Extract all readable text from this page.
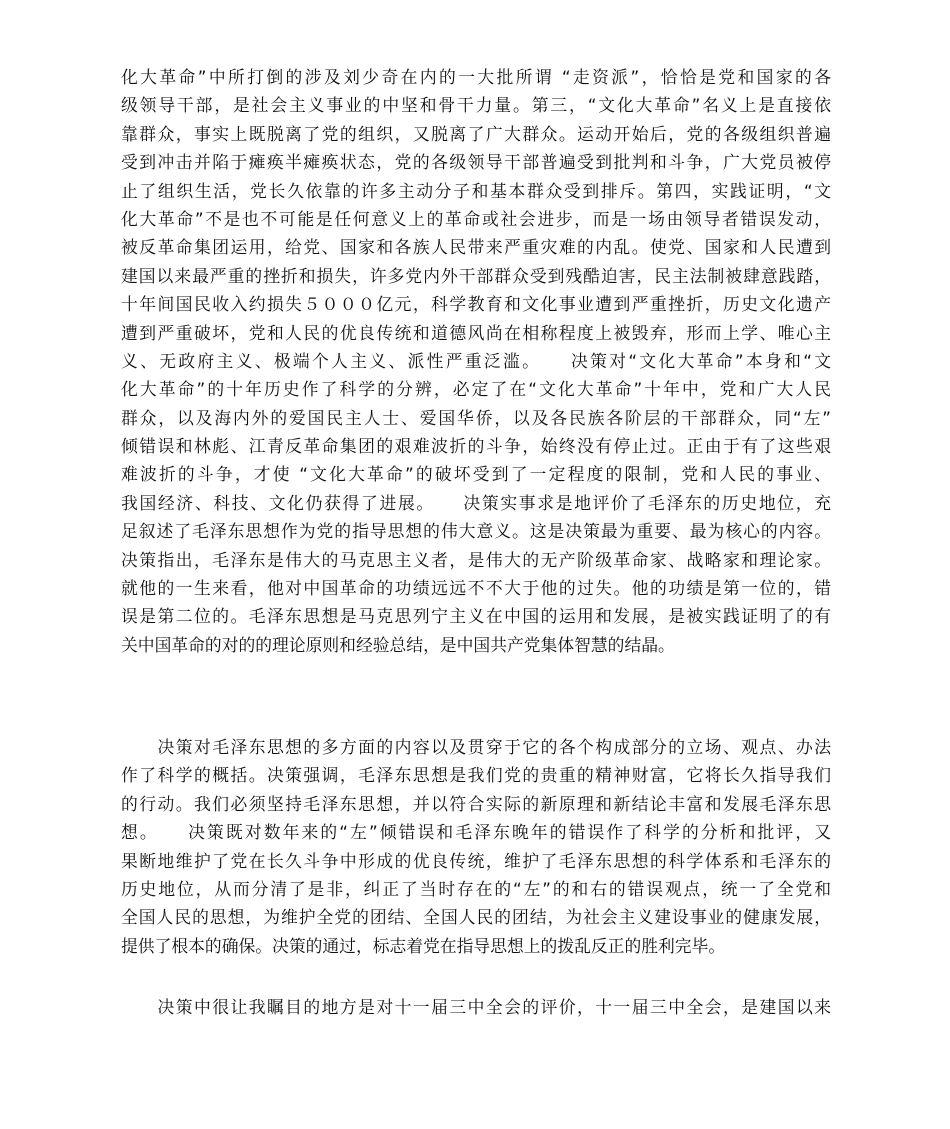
化大革命”中所打倒的涉及刘少奇在内的一大批所谓 “走资派”，恰恰是党和国家的各
级领导干部，是社会主义事业的中坚和骨干力量。第三，“文化大革命”名义上是直接依
靠群众，事实上既脱离了党的组织，又脱离了广大群众。运动开始后，党的各级组织普遍
受到冲击并陷于瘫痪半瘫痪状态，党的各级领导干部普遍受到批判和斗争，广大党员被停
止了组织生活，党长久依靠的许多主动分子和基本群众受到排斥。第四，实践证明，“文
化大革命”不是也不可能是任何意义上的革命或社会进步，而是一场由领导者错误发动，
被反革命集团运用，给党、国家和各族人民带来严重灾难的内乱。使党、国家和人民遭到
建国以来最严重的挫折和损失，许多党内外干部群众受到残酷迫害，民主法制被肆意践踏，
十年间国民收入约损失５０００亿元，科学教育和文化事业遭到严重挫折，历史文化遗产
遭到严重破坏，党和人民的优良传统和道德风尚在相称程度上被毁弃，形而上学、唯心主
义、无政府主义、极端个人主义、派性严重泛滥。　　决策对“文化大革命”本身和“文
化大革命”的十年历史作了科学的分辨，必定了在“文化大革命”十年中，党和广大人民
群众，以及海内外的爱国民主人士、爱国华侨，以及各民族各阶层的干部群众，同“左”
倾错误和林彪、江青反革命集团的艰难波折的斗争，始终没有停止过。正由于有了这些艰
难波折的斗争，才使 “文化大革命”的破坏受到了一定程度的限制，党和人民的事业、
我国经济、科技、文化仍获得了进展。　　决策实事求是地评价了毛泽东的历史地位，充
足叙述了毛泽东思想作为党的指导思想的伟大意义。这是决策最为重要、最为核心的内容。
决策指出，毛泽东是伟大的马克思主义者，是伟大的无产阶级革命家、战略家和理论家。
就他的一生来看，他对中国革命的功绩远远不不大于他的过失。他的功绩是第一位的，错
误是第二位的。毛泽东思想是马克思列宁主义在中国的运用和发展，是被实践证明了的有
关中国革命的对的的理论原则和经验总结，是中国共产党集体智慧的结晶。
　　决策对毛泽东思想的多方面的内容以及贯穿于它的各个构成部分的立场、观点、办法
作了科学的概括。决策强调，毛泽东思想是我们党的贵重的精神财富，它将长久指导我们
的行动。我们必须坚持毛泽东思想，并以符合实际的新原理和新结论丰富和发展毛泽东思
想。　　决策既对数年来的“左”倾错误和毛泽东晚年的错误作了科学的分析和批评，又
果断地维护了党在长久斗争中形成的优良传统，维护了毛泽东思想的科学体系和毛泽东的
历史地位，从而分清了是非，纠正了当时存在的“左”的和右的错误观点，统一了全党和
全国人民的思想，为维护全党的团结、全国人民的团结，为社会主义建设事业的健康发展，
提供了根本的确保。决策的通过，标志着党在指导思想上的拨乱反正的胜利完毕。
　　决策中很让我瞩目的地方是对十一届三中全会的评价，十一届三中全会，是建国以来
